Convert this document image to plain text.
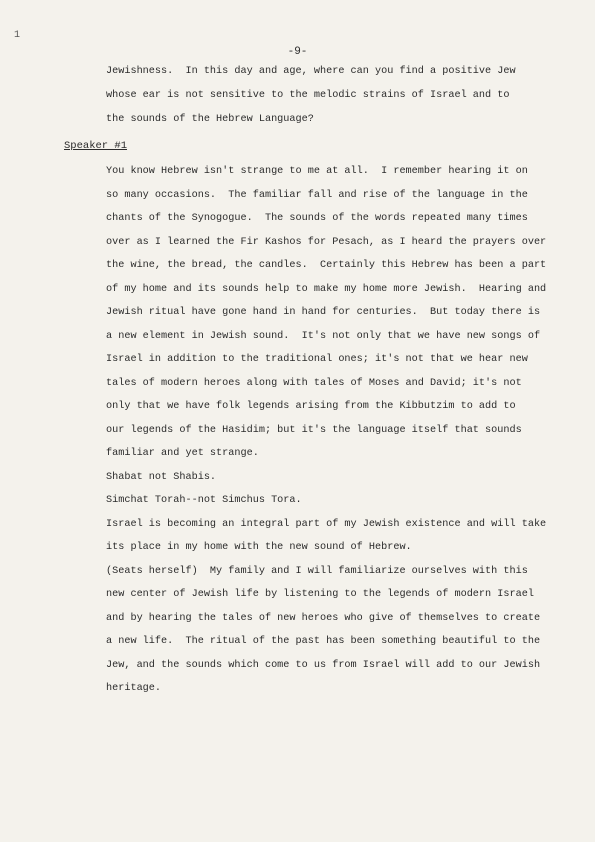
1
-9-
Jewishness.  In this day and age, where can you find a positive Jew
whose ear is not sensitive to the melodic strains of Israel and to
the sounds of the Hebrew Language?
Speaker #1
You know Hebrew isn't strange to me at all.  I remember hearing it on
so many occasions.  The familiar fall and rise of the language in the
chants of the Synogogue.  The sounds of the words repeated many times
over as I learned the Fir Kashos for Pesach, as I heard the prayers over
the wine, the bread, the candles.  Certainly this Hebrew has been a part
of my home and its sounds help to make my home more Jewish.  Hearing and
Jewish ritual have gone hand in hand for centuries.  But today there is
a new element in Jewish sound.  It's not only that we have new songs of
Israel in addition to the traditional ones; it's not that we hear new
tales of modern heroes along with tales of Moses and David; it's not
only that we have folk legends arising from the Kibbutzim to add to
our legends of the Hasidim; but it's the language itself that sounds
familiar and yet strange.
Shabat not Shabis.
Simchat Torah--not Simchus Tora.
Israel is becoming an integral part of my Jewish existence and will take
its place in my home with the new sound of Hebrew.
(Seats herself)  My family and I will familiarize ourselves with this
new center of Jewish life by listening to the legends of modern Israel
and by hearing the tales of new heroes who give of themselves to create
a new life.  The ritual of the past has been something beautiful to the
Jew, and the sounds which come to us from Israel will add to our Jewish
heritage.
